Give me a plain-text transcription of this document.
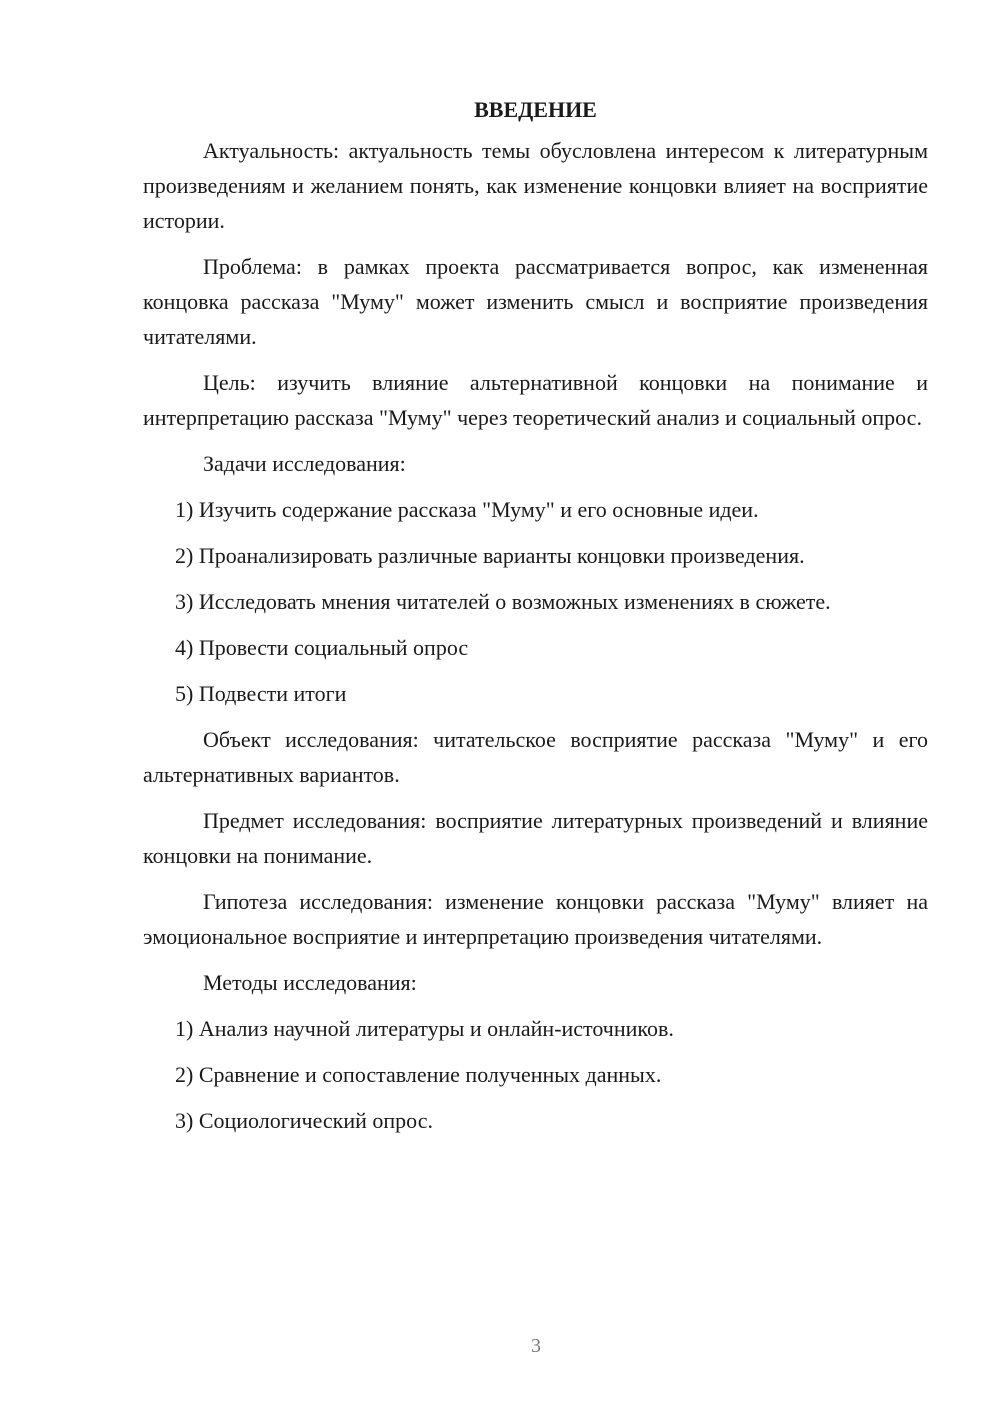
ВВЕДЕНИЕ

Актуальность: актуальность темы обусловлена интересом к литературным произведениям и желанием понять, как изменение концовки влияет на восприятие истории.

Проблема: в рамках проекта рассматривается вопрос, как измененная концовка рассказа "Муму" может изменить смысл и восприятие произведения читателями.

Цель: изучить влияние альтернативной концовки на понимание и интерпретацию рассказа "Муму" через теоретический анализ и социальный опрос.

Задачи исследования:

1) Изучить содержание рассказа "Муму" и его основные идеи.
2) Проанализировать различные варианты концовки произведения.
3) Исследовать мнения читателей о возможных изменениях в сюжете.
4) Провести социальный опрос
5) Подвести итоги

Объект исследования: читательское восприятие рассказа "Муму" и его альтернативных вариантов.

Предмет исследования: восприятие литературных произведений и влияние концовки на понимание.

Гипотеза исследования: изменение концовки рассказа "Муму" влияет на эмоциональное восприятие и интерпретацию произведения читателями.

Методы исследования:

1) Анализ научной литературы и онлайн-источников.
2) Сравнение и сопоставление полученных данных.
3) Социологический опрос.
3
